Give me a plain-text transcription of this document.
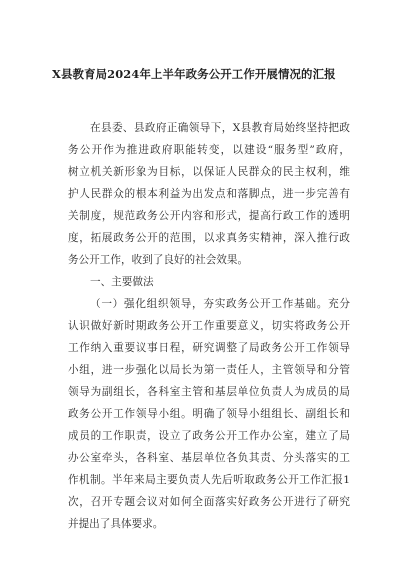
X县教育局2024年上半年政务公开工作开展情况的汇报
在县委、县政府正确领导下，X县教育局始终坚持把政
务公开作为推进政府职能转变，以建设“服务型”政府，
树立机关新形象为目标，以保证人民群众的民主权利，维
护人民群众的根本利益为出发点和落脚点，进一步完善有
关制度，规范政务公开内容和形式，提高行政工作的透明
度，拓展政务公开的范围，以求真务实精神，深入推行政
务公开工作，收到了良好的社会效果。
一、主要做法
（一）强化组织领导，夯实政务公开工作基础。充分
认识做好新时期政务公开工作重要意义，切实将政务公开
工作纳入重要议事日程，研究调整了局政务公开工作领导
小组，进一步强化以局长为第一责任人，主管领导和分管
领导为副组长，各科室主管和基层单位负责人为成员的局
政务公开工作领导小组。明确了领导小组组长、副组长和
成员的工作职责，设立了政务公开工作办公室，建立了局
办公室牵头，各科室、基层单位各负其责、分头落实的工
作机制。半年来局主要负责人先后听取政务公开工作汇报1
次，召开专题会议对如何全面落实好政务公开进行了研究
并提出了具体要求。
